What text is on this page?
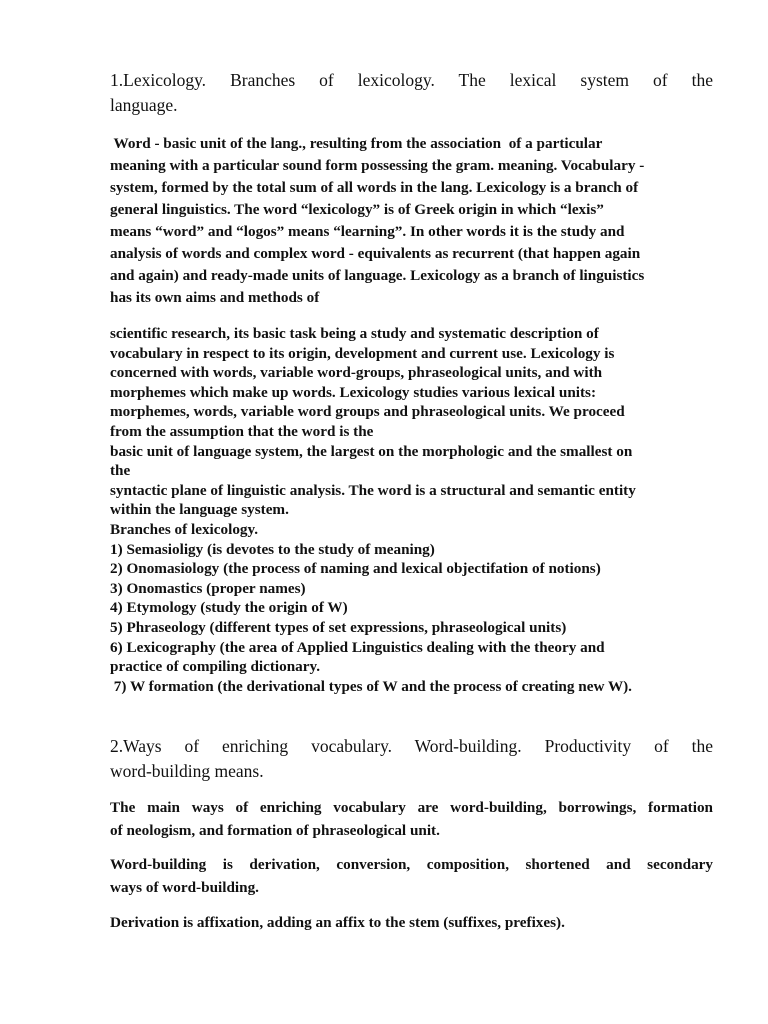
1.Lexicology. Branches of lexicology. The lexical system of the
language.
Word - basic unit of the lang., resulting from the association  of a particular
meaning with a particular sound form possessing the gram. meaning. Vocabulary -
system, formed by the total sum of all words in the lang. Lexicology is a branch of
general linguistics. The word “lexicology” is of Greek origin in which “lexis”
means “word” and “logos” means “learning”. In other words it is the study and
analysis of words and complex word - equivalents as recurrent (that happen again
and again) and ready-made units of language. Lexicology as a branch of linguistics
has its own aims and methods of
scientific research, its basic task being a study and systematic description of
vocabulary in respect to its origin, development and current use. Lexicology is
concerned with words, variable word-groups, phraseological units, and with
morphemes which make up words. Lexicology studies various lexical units:
morphemes, words, variable word groups and phraseological units. We proceed
from the assumption that the word is the
basic unit of language system, the largest on the morphologic and the smallest on
the
syntactic plane of linguistic analysis. The word is a structural and semantic entity
within the language system.
Branches of lexicology.
1) Semasioligy (is devotes to the study of meaning)
2) Onomasiology (the process of naming and lexical objectifation of notions)
3) Onomastics (proper names)
4) Etymology (study the origin of W)
5) Phraseology (different types of set expressions, phraseological units)
6) Lexicography (the area of Applied Linguistics dealing with the theory and
practice of compiling dictionary.
7) W formation (the derivational types of W and the process of creating new W).
2.Ways of enriching vocabulary. Word-building. Productivity of the
word-building means.
The main ways of enriching vocabulary are word-building, borrowings, formation
of neologism, and formation of phraseological unit.
Word-building is derivation, conversion, composition, shortened and secondary
ways of word-building.
Derivation is affixation, adding an affix to the stem (suffixes, prefixes).
